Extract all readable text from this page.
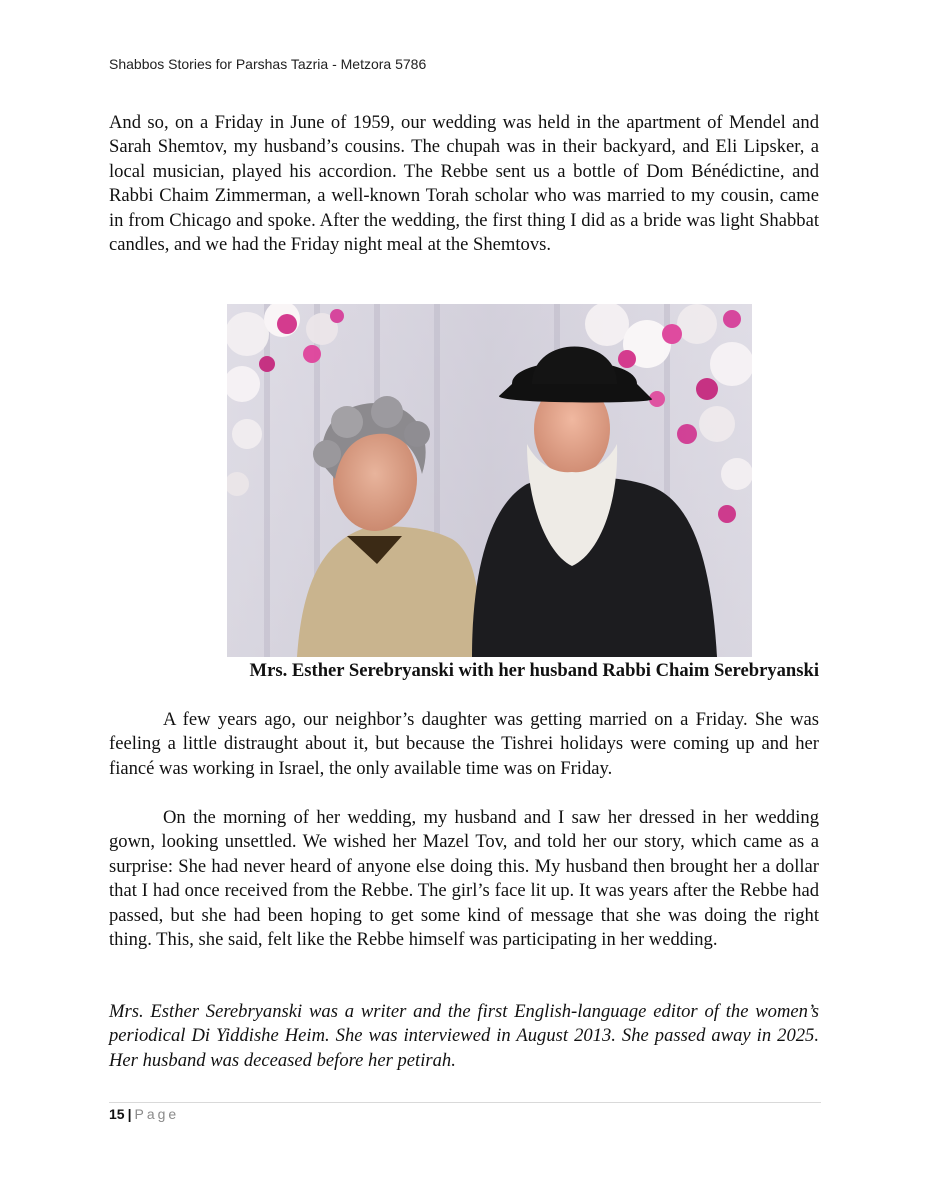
Shabbos Stories for Parshas Tazria - Metzora 5786

And so, on a Friday in June of 1959, our wedding was held in the apartment of Mendel and Sarah Shemtov, my husband’s cousins. The chupah was in their backyard, and Eli Lipsker, a local musician, played his accordion. The Rebbe sent us a bottle of Dom Bénédictine, and Rabbi Chaim Zimmerman, a well-known Torah scholar who was married to my cousin, came in from Chicago and spoke. After the wedding, the first thing I did as a bride was light Shabbat candles, and we had the Friday night meal at the Shemtovs.

Mrs. Esther Serebryanski with her husband Rabbi Chaim Serebryanski

A few years ago, our neighbor’s daughter was getting married on a Friday. She was feeling a little distraught about it, but because the Tishrei holidays were coming up and her fiancé was working in Israel, the only available time was on Friday.

On the morning of her wedding, my husband and I saw her dressed in her wedding gown, looking unsettled. We wished her Mazel Tov, and told her our story, which came as a surprise: She had never heard of anyone else doing this. My husband then brought her a dollar that I had once received from the Rebbe. The girl’s face lit up. It was years after the Rebbe had passed, but she had been hoping to get some kind of message that she was doing the right thing. This, she said, felt like the Rebbe himself was participating in her wedding.

Mrs. Esther Serebryanski was a writer and the first English-language editor of the women’s periodical Di Yiddishe Heim. She was interviewed in August 2013. She passed away in 2025. Her husband was deceased before her petirah.

15 | Page
